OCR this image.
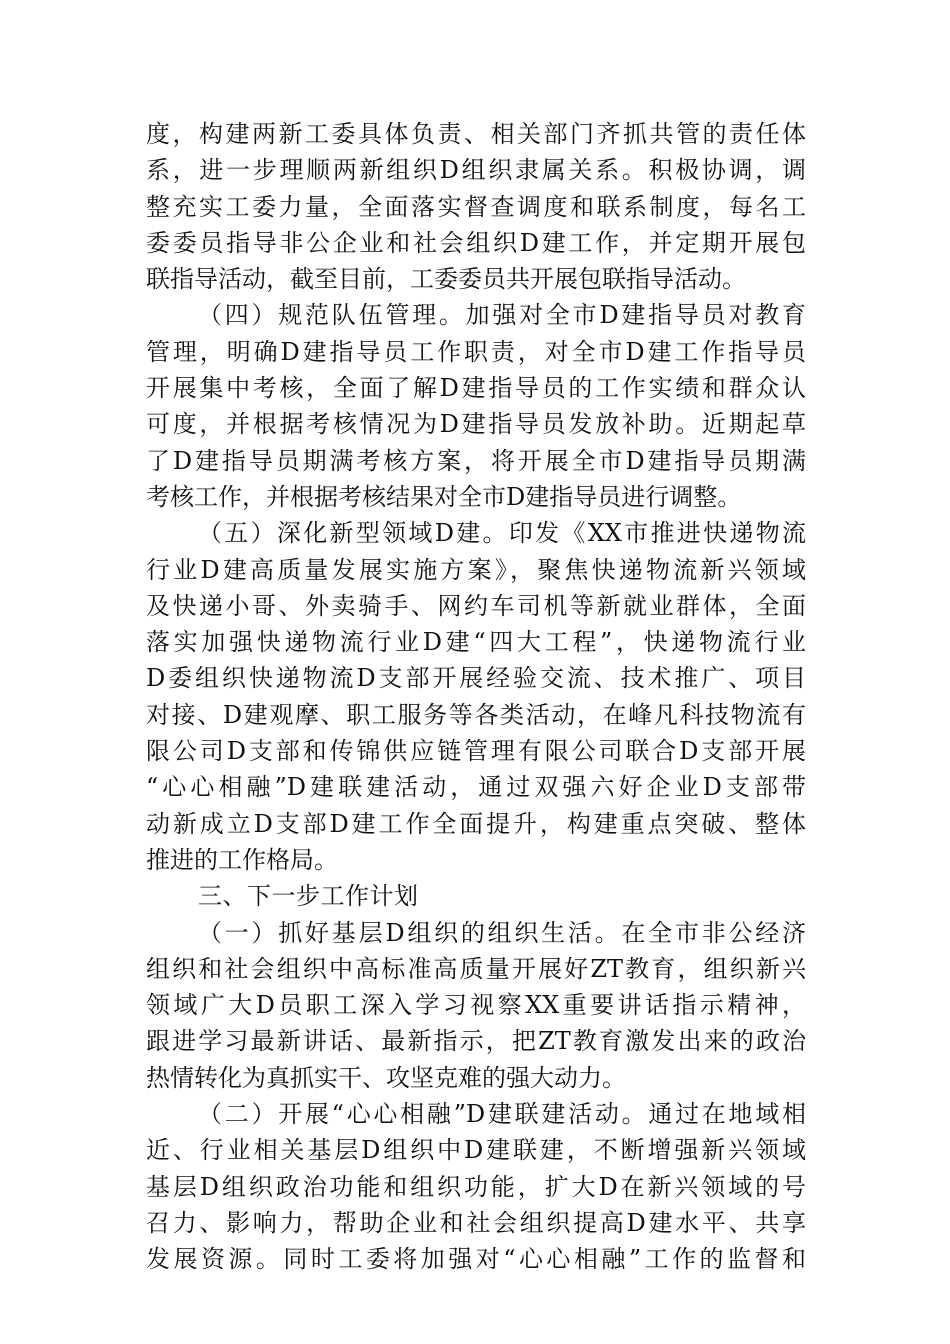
度，构建两新工委具体负责、相关部门齐抓共管的责任体
系，进一步理顺两新组织D组织隶属关系。积极协调，调
整充实工委力量，全面落实督查调度和联系制度，每名工
委委员指导非公企业和社会组织D建工作，并定期开展包
联指导活动，截至目前，工委委员共开展包联指导活动。
（四）规范队伍管理。加强对全市D建指导员对教育
管理，明确D建指导员工作职责，对全市D建工作指导员
开展集中考核，全面了解D建指导员的工作实绩和群众认
可度，并根据考核情况为D建指导员发放补助。近期起草
了D建指导员期满考核方案，将开展全市D建指导员期满
考核工作，并根据考核结果对全市D建指导员进行调整。
（五）深化新型领域D建。印发《XX市推进快递物流
行业D建高质量发展实施方案》，聚焦快递物流新兴领域
及快递小哥、外卖骑手、网约车司机等新就业群体，全面
落实加强快递物流行业D建“四大工程”，快递物流行业
D委组织快递物流D支部开展经验交流、技术推广、项目
对接、D建观摩、职工服务等各类活动，在峰凡科技物流有
限公司D支部和传锦供应链管理有限公司联合D支部开展
“心心相融”D建联建活动，通过双强六好企业D支部带
动新成立D支部D建工作全面提升，构建重点突破、整体
推进的工作格局。
三、下一步工作计划
（一）抓好基层D组织的组织生活。在全市非公经济
组织和社会组织中高标准高质量开展好ZT教育，组织新兴
领域广大D员职工深入学习视察XX重要讲话指示精神，
跟进学习最新讲话、最新指示，把ZT教育激发出来的政治
热情转化为真抓实干、攻坚克难的强大动力。
（二）开展“心心相融”D建联建活动。通过在地域相
近、行业相关基层D组织中D建联建，不断增强新兴领域
基层D组织政治功能和组织功能，扩大D在新兴领域的号
召力、影响力，帮助企业和社会组织提高D建水平、共享
发展资源。同时工委将加强对“心心相融”工作的监督和
